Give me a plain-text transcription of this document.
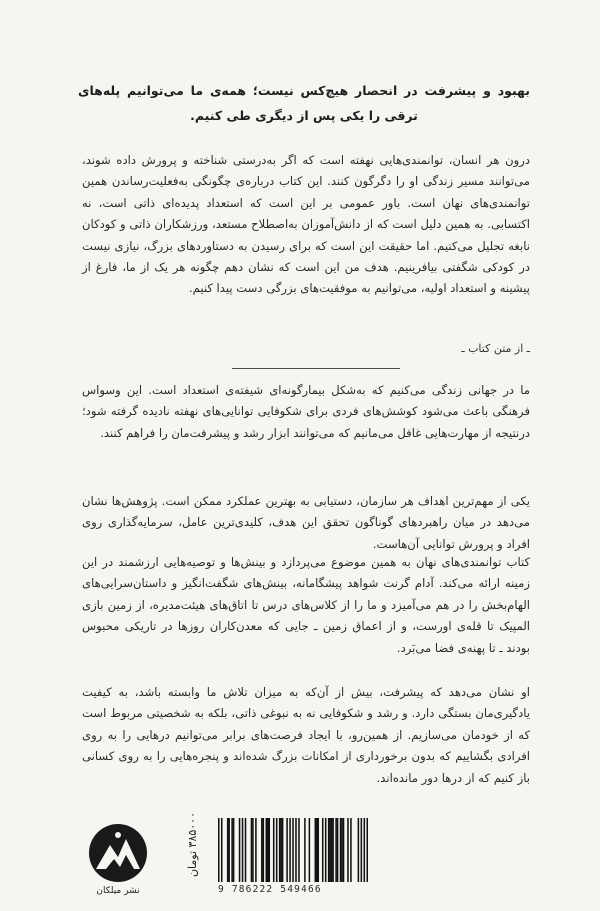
بهبود و پیشرفت در انحصار هیچ‌کس نیست؛ همه‌ی ما می‌توانیم پله‌های ترقی را یکی پس از دیگری طی کنیم.

درون هر انسان، توانمندی‌هایی نهفته است که اگر به‌درستی شناخته و پرورش داده شوند، می‌توانند مسیر زندگی او را دگرگون کنند. این کتاب درباره‌ی چگونگی به‌فعلیت‌رساندن همین توانمندی‌های نهان است. باور عمومی بر این است که استعداد پدیده‌ای ذاتی است، نه اکتسابی. به همین دلیل است که از دانش‌آموزان به‌اصطلاح مستعد، ورزشکاران ذاتی و کودکان نابغه تجلیل می‌کنیم. اما حقیقت این است که برای رسیدن به دستاوردهای بزرگ، نیازی نیست در کودکی شگفتی بیافرینیم. هدف من این است که نشان دهم چگونه هر یک از ما، فارغ از پیشینه و استعداد اولیه، می‌توانیم به موفقیت‌های بزرگی دست پیدا کنیم.

ـ از متن کتاب ـ

ما در جهانی زندگی می‌کنیم که به‌شکل بیمارگونه‌ای شیفته‌ی استعداد است. این وسواس فرهنگی باعث می‌شود کوشش‌های فردی برای شکوفایی توانایی‌های نهفته نادیده گرفته شود؛ درنتیجه از مهارت‌هایی غافل می‌مانیم که می‌توانند ابزار رشد و پیشرفت‌مان را فراهم کنند.

یکی از مهم‌ترین اهداف هر سازمان، دستیابی به بهترین عملکرد ممکن است. پژوهش‌ها نشان می‌دهد در میان راهبردهای گوناگون تحقق این هدف، کلیدی‌ترین عامل، سرمایه‌گذاری روی افراد و پرورش توانایی آن‌هاست.

کتاب توانمندی‌های نهان به همین موضوع می‌پردازد و بینش‌ها و توصیه‌هایی ارزشمند در این زمینه ارائه می‌کند. آدام گرنت شواهد پیشگامانه، بینش‌های شگفت‌انگیز و داستان‌سرایی‌های الهام‌بخش را در هم می‌آمیزد و ما را از کلاس‌های درس تا اتاق‌های هیئت‌مدیره، از زمین بازی المپیک تا قله‌ی اورست، و از اعماق زمین ـ جایی که معدن‌کاران روزها در تاریکی محبوس بودند ـ تا پهنه‌ی فضا می‌بَرد.

او نشان می‌دهد که پیشرفت، بیش از آن‌که به میزان تلاش ما وابسته باشد، به کیفیت یادگیری‌مان بستگی دارد. و رشد و شکوفایی نه به نبوغی ذاتی، بلکه به شخصیتی مربوط است که از خودمان می‌سازیم. از همین‌رو، با ایجاد فرصت‌های برابر می‌توانیم درهایی را به روی افرادی بگشاییم که بدون برخورداری از امکانات بزرگ شده‌اند و پنجره‌هایی را به روی کسانی باز کنیم که از درها دور مانده‌اند.

نشر میلکان
۳۸۵۰۰۰ تومان
9 786222 549466
